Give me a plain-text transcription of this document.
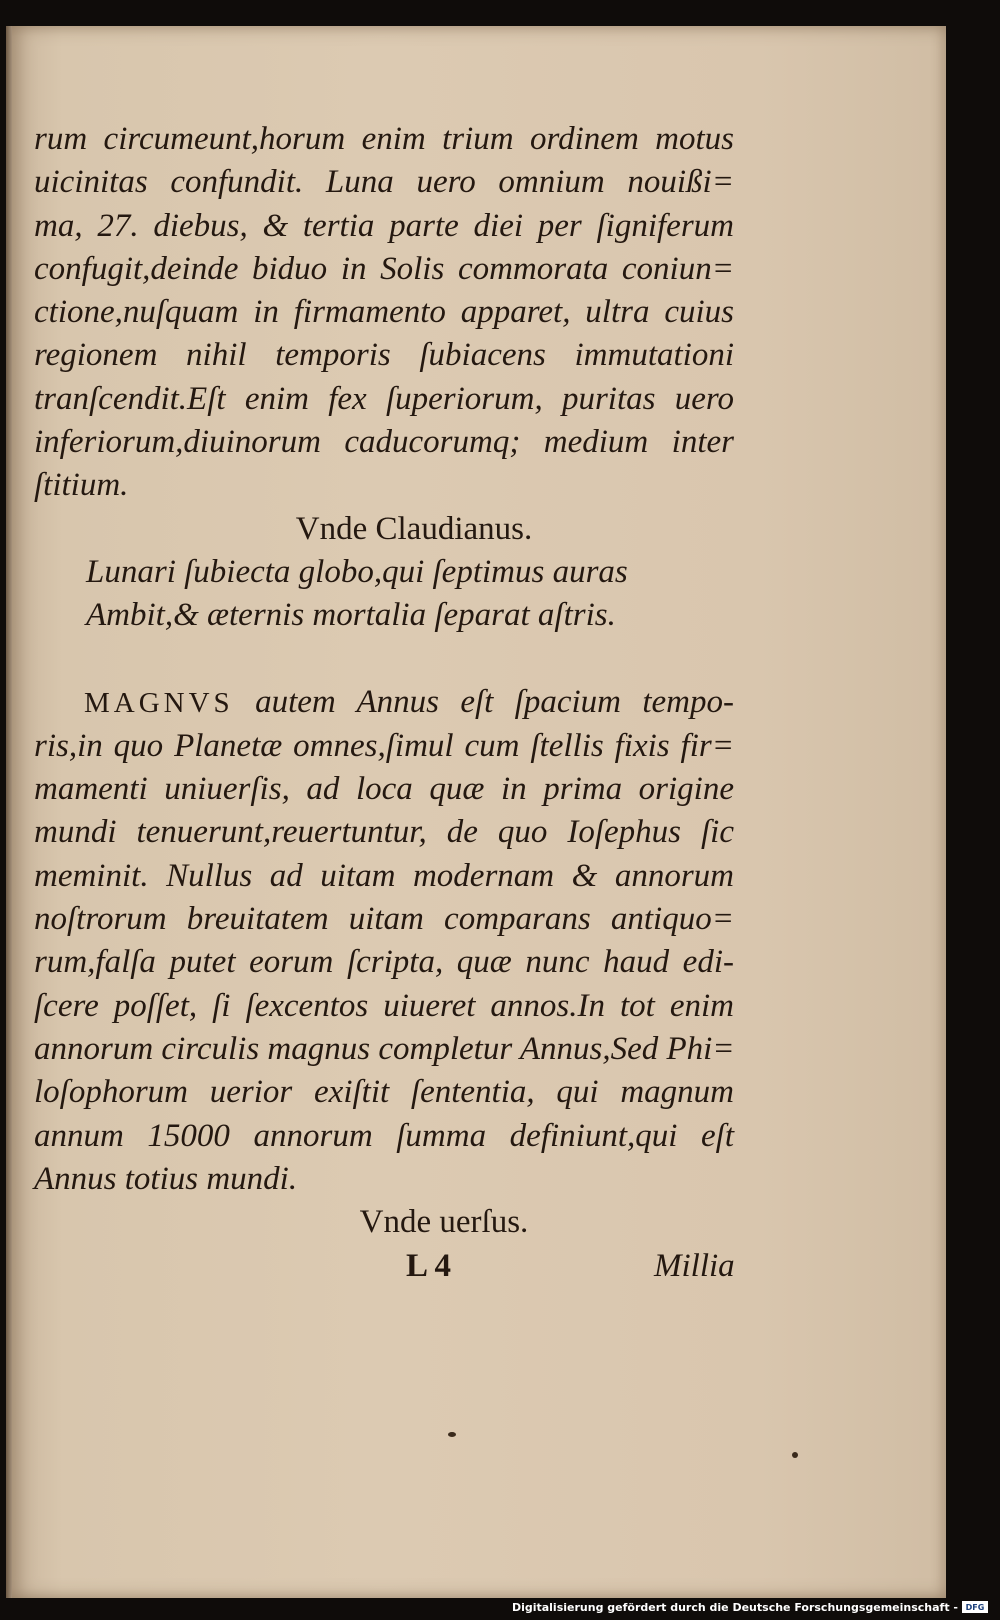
rum circumeunt,horum enim trium ordinem motus
uicinitas confundit. Luna uero omnium nouißi=
ma, 27. diebus, & tertia parte diei per ſigniferum
confugit,deinde biduo in Solis commorata coniun=
ctione,nuſquam in firmamento apparet, ultra cuius
regionem nihil temporis ſubiacens immutationi
tranſcendit.Eſt enim fex ſuperiorum, puritas uero
inferiorum,diuinorum caducorumq; medium inter
ſtitium.
Vnde Claudianus.
Lunari ſubiecta globo,qui ſeptimus auras
Ambit,& æternis mortalia ſeparat aſtris.
MAGNVS autem Annus eſt ſpacium tempo-
ris,in quo Planetæ omnes,ſimul cum ſtellis fixis fir=
mamenti uniuerſis, ad loca quæ in prima origine
mundi tenuerunt,reuertuntur, de quo Ioſephus ſic
meminit. Nullus ad uitam modernam & annorum
noſtrorum breuitatem uitam comparans antiquo=
rum,falſa putet eorum ſcripta, quæ nunc haud edi-
ſcere poſſet, ſi ſexcentos uiueret annos.In tot enim
annorum circulis magnus completur Annus,Sed Phi=
loſophorum uerior exiſtit ſententia, qui magnum
annum 15000 annorum ſumma definiunt,qui eſt
Annus totius mundi.
Vnde uerſus.
L 4	Millia
Digitalisierung gefördert durch die Deutsche Forschungsgemeinschaft - DFG
